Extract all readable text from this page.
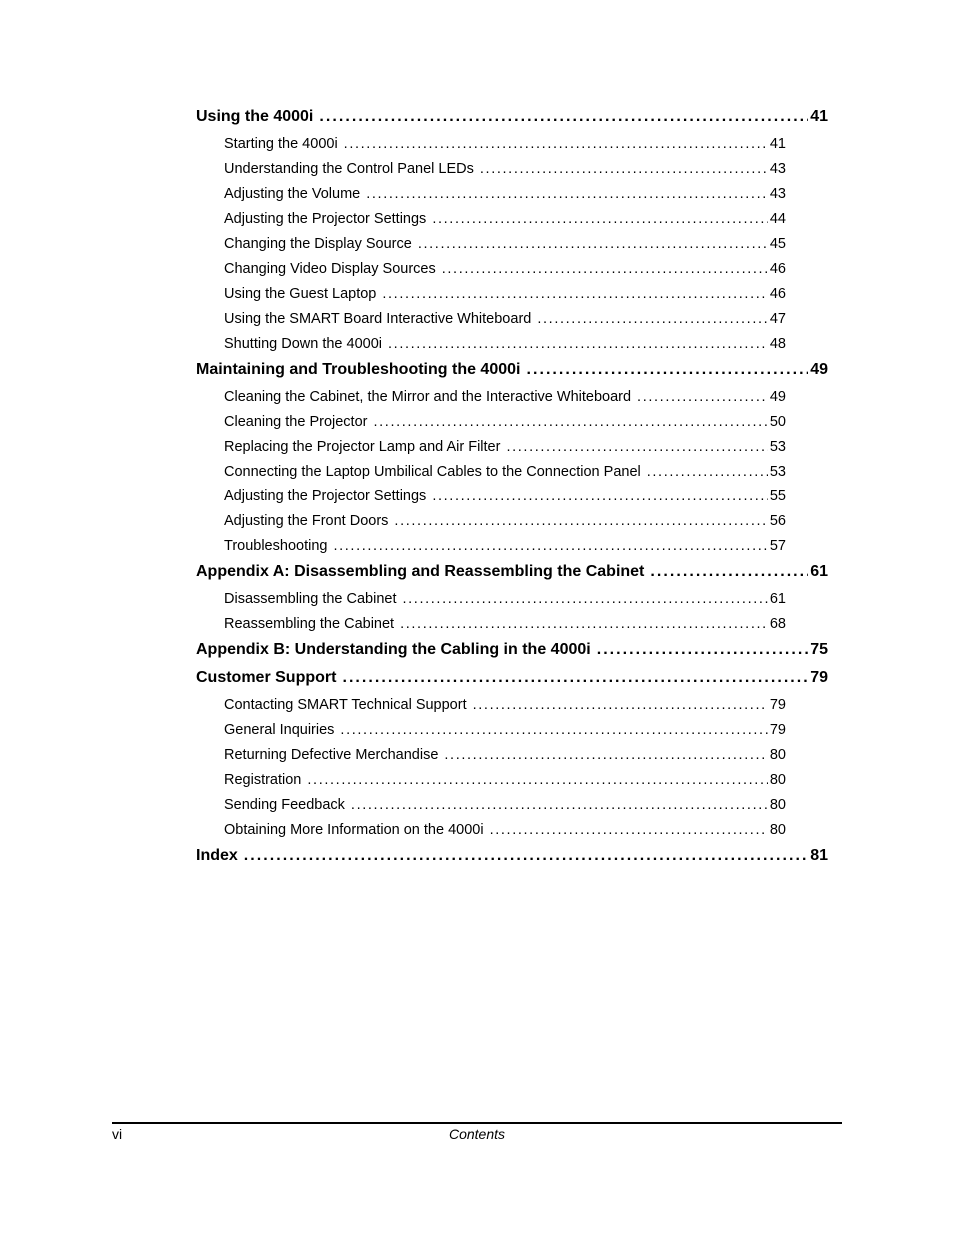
Using the 4000i . . .	41
Starting the 4000i . . .	41
Understanding the Control Panel LEDs . . .	43
Adjusting the Volume . . .	43
Adjusting the Projector Settings . . .	44
Changing the Display Source . . .	45
Changing Video Display Sources . . .	46
Using the Guest Laptop . . .	46
Using the SMART Board Interactive Whiteboard . . .	47
Shutting Down the 4000i . . .	48
Maintaining and Troubleshooting the 4000i . . .	49
Cleaning the Cabinet, the Mirror and the Interactive Whiteboard . . .	49
Cleaning the Projector . . .	50
Replacing the Projector Lamp and Air Filter . . .	53
Connecting the Laptop Umbilical Cables to the Connection Panel . . .	53
Adjusting the Projector Settings . . .	55
Adjusting the Front Doors . . .	56
Troubleshooting . . .	57
Appendix A: Disassembling and Reassembling the Cabinet . . .	61
Disassembling the Cabinet . . .	61
Reassembling the Cabinet . . .	68
Appendix B: Understanding the Cabling in the 4000i . . .	75
Customer Support . . .	79
Contacting SMART Technical Support . . .	79
General Inquiries . . .	79
Returning Defective Merchandise . . .	80
Registration . . .	80
Sending Feedback . . .	80
Obtaining More Information on the 4000i . . .	80
Index . . .	81
vi	Contents
